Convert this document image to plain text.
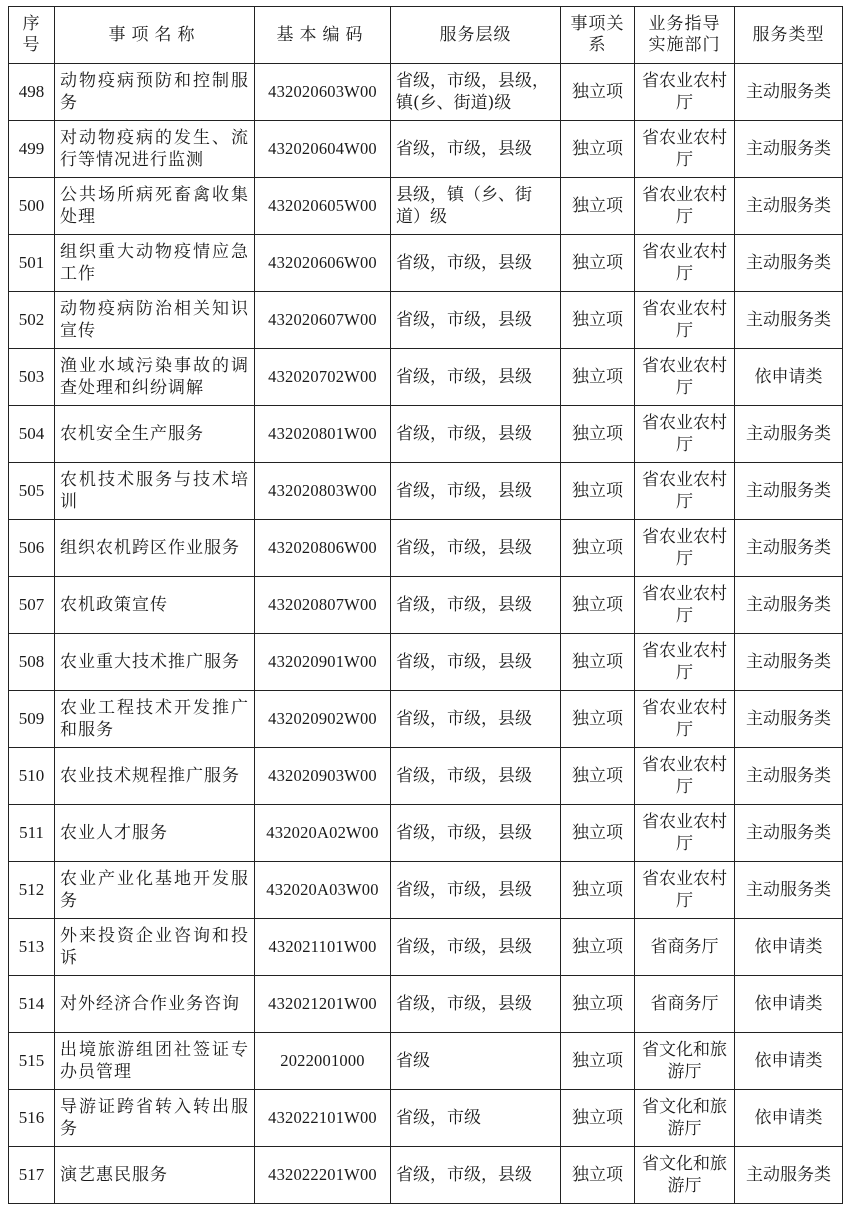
序号	事项名称	基本编码	服务层级	事项关系	业务指导实施部门	服务类型
498	动物疫病预防和控制服务	432020603W00	省级，市级，县级，镇(乡、街道)级	独立项	省农业农村厅	主动服务类
499	对动物疫病的发生、流行等情况进行监测	432020604W00	省级，市级，县级	独立项	省农业农村厅	主动服务类
500	公共场所病死畜禽收集处理	432020605W00	县级，镇（乡、街道）级	独立项	省农业农村厅	主动服务类
501	组织重大动物疫情应急工作	432020606W00	省级，市级，县级	独立项	省农业农村厅	主动服务类
502	动物疫病防治相关知识宣传	432020607W00	省级，市级，县级	独立项	省农业农村厅	主动服务类
503	渔业水域污染事故的调查处理和纠纷调解	432020702W00	省级，市级，县级	独立项	省农业农村厅	依申请类
504	农机安全生产服务	432020801W00	省级，市级，县级	独立项	省农业农村厅	主动服务类
505	农机技术服务与技术培训	432020803W00	省级，市级，县级	独立项	省农业农村厅	主动服务类
506	组织农机跨区作业服务	432020806W00	省级，市级，县级	独立项	省农业农村厅	主动服务类
507	农机政策宣传	432020807W00	省级，市级，县级	独立项	省农业农村厅	主动服务类
508	农业重大技术推广服务	432020901W00	省级，市级，县级	独立项	省农业农村厅	主动服务类
509	农业工程技术开发推广和服务	432020902W00	省级，市级，县级	独立项	省农业农村厅	主动服务类
510	农业技术规程推广服务	432020903W00	省级，市级，县级	独立项	省农业农村厅	主动服务类
511	农业人才服务	432020A02W00	省级，市级，县级	独立项	省农业农村厅	主动服务类
512	农业产业化基地开发服务	432020A03W00	省级，市级，县级	独立项	省农业农村厅	主动服务类
513	外来投资企业咨询和投诉	432021101W00	省级，市级，县级	独立项	省商务厅	依申请类
514	对外经济合作业务咨询	432021201W00	省级，市级，县级	独立项	省商务厅	依申请类
515	出境旅游组团社签证专办员管理	2022001000	省级	独立项	省文化和旅游厅	依申请类
516	导游证跨省转入转出服务	432022101W00	省级，市级	独立项	省文化和旅游厅	依申请类
517	演艺惠民服务	432022201W00	省级，市级，县级	独立项	省文化和旅游厅	主动服务类
